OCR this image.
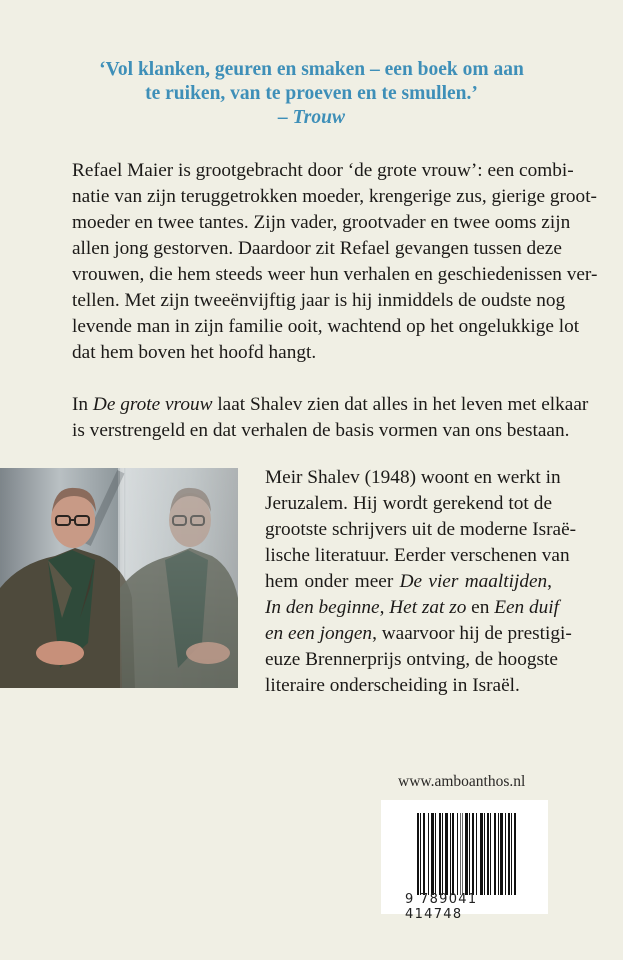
‘Vol klanken, geuren en smaken – een boek om aan
te ruiken, van te proeven en te smullen.’
– Trouw
Refael Maier is grootgebracht door ‘de grote vrouw’: een combi-
natie van zijn teruggetrokken moeder, krengerige zus, gierige groot-
moeder en twee tantes. Zijn vader, grootvader en twee ooms zijn
allen jong gestorven. Daardoor zit Refael gevangen tussen deze
vrouwen, die hem steeds weer hun verhalen en geschiedenissen ver-
tellen. Met zijn tweeënvijftig jaar is hij inmiddels de oudste nog
levende man in zijn familie ooit, wachtend op het ongelukkige lot
dat hem boven het hoofd hangt.
In De grote vrouw laat Shalev zien dat alles in het leven met elkaar
is verstrengeld en dat verhalen de basis vormen van ons bestaan.
Meir Shalev (1948) woont en werkt in
Jeruzalem. Hij wordt gerekend tot de
grootste schrijvers uit de moderne Israë-
lische literatuur. Eerder verschenen van
hem onder meer De vier maaltijden,
In den beginne, Het zat zo en Een duif
en een jongen, waarvoor hij de prestigi-
euze Brennerprijs ontving, de hoogste
literaire onderscheiding in Israël.
www.amboanthos.nl
9 789041 414748
